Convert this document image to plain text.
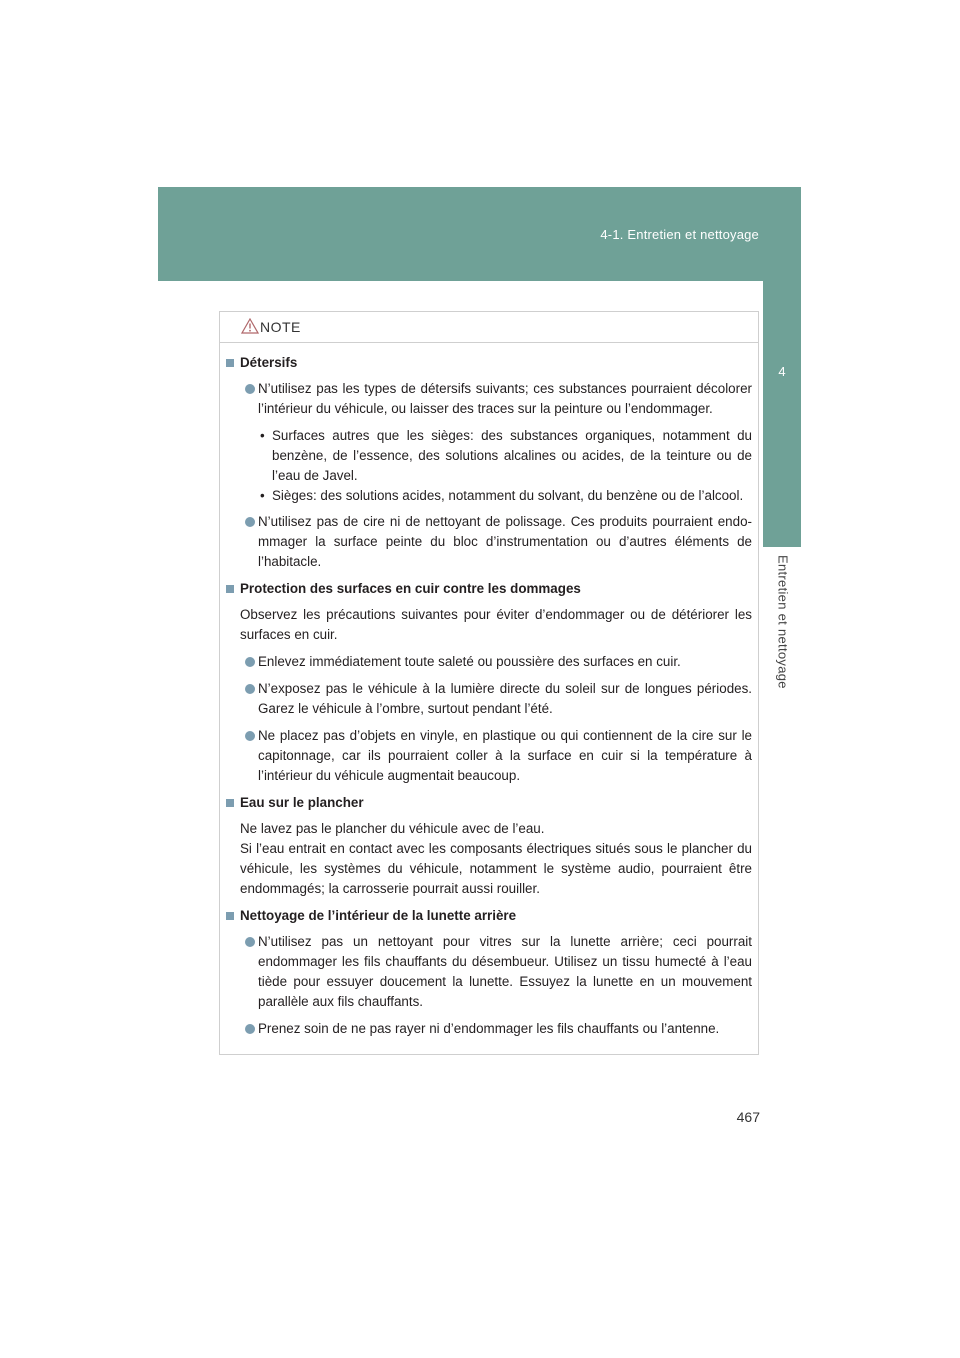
4-1. Entretien et nettoyage
4
Entretien et nettoyage
NOTE
Détersifs
N’utilisez pas les types de détersifs suivants; ces substances pourraient décolorer l’intérieur du véhicule, ou laisser des traces sur la peinture ou l’endommager.
• Surfaces autres que les sièges: des substances organiques, notamment du benzène, de l’essence, des solutions alcalines ou acides, de la teinture ou de l’eau de Javel.
• Sièges: des solutions acides, notamment du solvant, du benzène ou de l’alcool.
N’utilisez pas de cire ni de nettoyant de polissage. Ces produits pourraient endo-mmager la surface peinte du bloc d’instrumentation ou d’autres éléments de l’habitacle.
Protection des surfaces en cuir contre les dommages
Observez les précautions suivantes pour éviter d’endommager ou de détériorer les surfaces en cuir.
Enlevez immédiatement toute saleté ou poussière des surfaces en cuir.
N’exposez pas le véhicule à la lumière directe du soleil sur de longues périodes. Garez le véhicule à l’ombre, surtout pendant l’été.
Ne placez pas d’objets en vinyle, en plastique ou qui contiennent de la cire sur le capitonnage, car ils pourraient coller à la surface en cuir si la température à l’intérieur du véhicule augmentait beaucoup.
Eau sur le plancher
Ne lavez pas le plancher du véhicule avec de l’eau.
Si l’eau entrait en contact avec les composants électriques situés sous le plancher du véhicule, les systèmes du véhicule, notamment le système audio, pourraient être endommagés; la carrosserie pourrait aussi rouiller.
Nettoyage de l’intérieur de la lunette arrière
N’utilisez pas un nettoyant pour vitres sur la lunette arrière; ceci pourrait endommager les fils chauffants du désembueur. Utilisez un tissu humecté à l’eau tiède pour essuyer doucement la lunette. Essuyez la lunette en un mouvement parallèle aux fils chauffants.
Prenez soin de ne pas rayer ni d’endommager les fils chauffants ou l’antenne.
467
